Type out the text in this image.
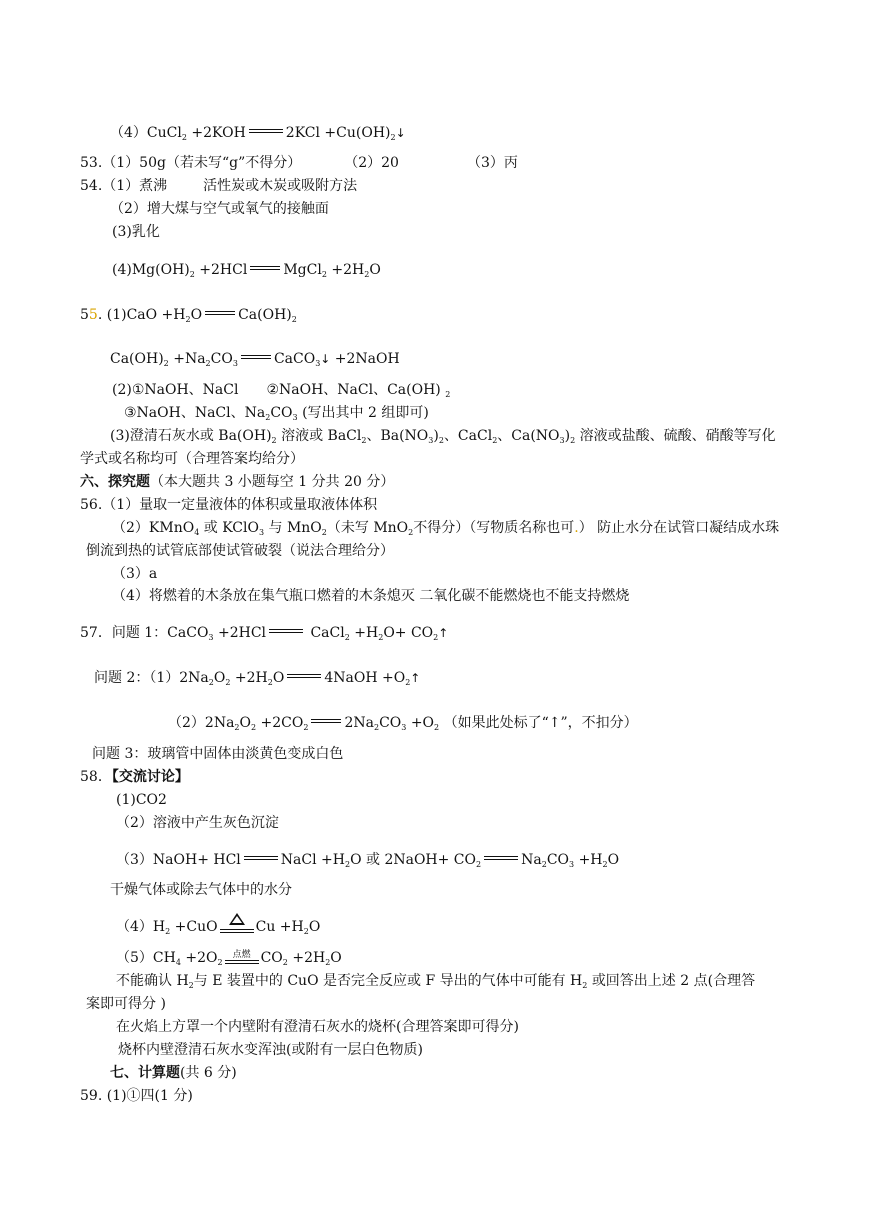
（4）CuCl$_2$ +2KOH	$2KCl +Cu(OH)_2↓$
53.（1）50g（若未写“g”不得分）	（2）20	（3）丙
54.（1）煮沸	活性炭或木炭或吸附方法
（2）增大煤与空气或氧气的接触面
(3)乳化
$(4)Mg(OH)_2 +2HCl$	MgCl$_2$ $+2H_2O$
55. $(1)CaO +H_2O$	$Ca(OH)_2$
$Ca(OH)_2 +Na_2CO_3$	CaCO$_3$↓ +2NaOH
(2)①NaOH、NaCl ②NaOH、NaCl、Ca(OH) $_2$
③NaOH、NaCl、$Na_2CO_3$ (写出其中 2 组即可)
(3)澄清石灰水或 $Ba(OH)_2$ 溶液或 BaCl$_2$、$Ba(NO_3)_2$、CaCl$_2$、$Ca(NO_3)_2$ 溶液或盐酸、硫酸、硝酸等写化
学式或名称均可（合理答案均给分）
六、探究题（本大题共 3 小题每空 1 分共 20 分）
56.（1）量取一定量液体的体积或量取液体体积
（2）KMnO$_4$ 或 KClO$_3$ 与 MnO$_2$（未写 MnO$_2$不得分）（写物质名称也可.） 防止水分在试管口凝结成水珠
倒流到热的试管底部使试管破裂（说法合理给分）
（3）a
（4）将燃着的木条放在集气瓶口燃着的木条熄灭 二氧化碳不能燃烧也不能支持燃烧
57．问题 1：CaCO$_3$ +2HCl	CaCl$_2$ $+H_2O+$ $CO_2↑$
问题 2：$(1)2Na_2O_2 +2H_2O$	4NaOH $+O_2↑$
$(2)2Na_2O_2 +2CO_2$	$2Na_2CO_3 +O_2$ （如果此处标了“↑”，不扣分）
问题 3：玻璃管中固体由淡黄色变成白色
58．【交流讨论】
(1)CO2
（2）溶液中产生灰色沉淀
（3）NaOH+ HCl	NaCl $+H_2O$ 或 2NaOH+ $CO_2$	$Na_2CO_3 +H_2O$
干燥气体或除去气体中的水分
$(4)H_2 +CuO$	$Cu +H_2O$
$(5)CH_4 +2O_2$
点燃 $CO_2 +2H_2O$
不能确认 $H_2$与 E 装置中的 CuO 是否完全反应或 F 导出的气体中可能有 $H_2$ 或回答出上述 2 点(合理答
案即可得分 )
在火焰上方罩一个内壁附有澄清石灰水的烧杯(合理答案即可得分)
烧杯内壁澄清石灰水变浑浊(或附有一层白色物质)
七、计算题(共 6 分)
59. (1)①四(1 分)
